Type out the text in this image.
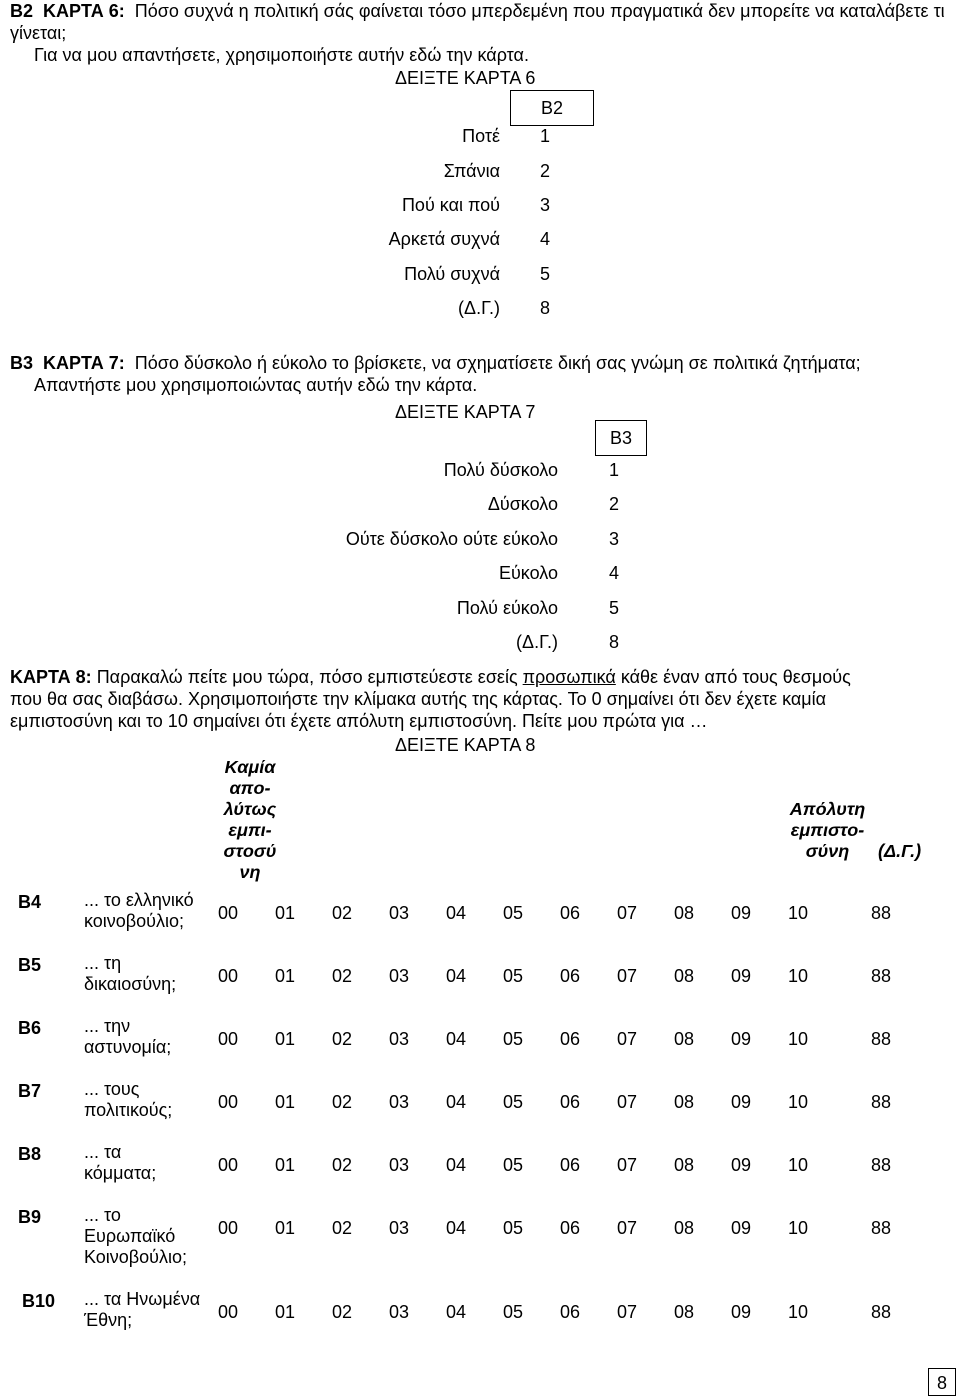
Β2 ΚΑΡΤΑ 6: Πόσο συχνά η πολιτική σάς φαίνεται τόσο μπερδεμένη που πραγματικά δεν μπορείτε να καταλάβετε τι γίνεται;
Για να μου απαντήσετε, χρησιμοποιήστε αυτήν εδώ την κάρτα.
ΔΕΙΞΤΕ ΚΑΡΤΑ 6
Β2
Ποτέ 1
Σπάνια 2
Πού και πού 3
Αρκετά συχνά 4
Πολύ συχνά 5
(Δ.Γ.) 8
Β3 ΚΑΡΤΑ 7: Πόσο δύσκολο ή εύκολο το βρίσκετε, να σχηματίσετε δική σας γνώμη σε πολιτικά ζητήματα;
Απαντήστε μου χρησιμοποιώντας αυτήν εδώ την κάρτα.
ΔΕΙΞΤΕ ΚΑΡΤΑ 7
Β3
Πολύ δύσκολο	1
Δύσκολο	2
Ούτε δύσκολο ούτε εύκολο	3
Εύκολο	4
Πολύ εύκολο	5
(Δ.Γ.)	8
ΚΑΡΤΑ 8: Παρακαλώ πείτε μου τώρα, πόσο εμπιστεύεστε εσείς προσωπικά κάθε έναν από τους θεσμούς
που θα σας διαβάσω. Χρησιμοποιήστε την κλίμακα αυτής της κάρτας. Το 0 σημαίνει ότι δεν έχετε καμία
εμπιστοσύνη και το 10 σημαίνει ότι έχετε απόλυτη εμπιστοσύνη. Πείτε μου πρώτα για …
ΔΕΙΞΤΕ ΚΑΡΤΑ 8
Καμία
απο-
λύτως
εμπι-
στοσύ
νη
Απόλυτη
εμπιστο-
σύνη	(Δ.Γ.)
Β4 ... το ελληνικό
κοινοβούλιο;	00	01	02	03	04	05	06	07	08	09	10	88
Β5 ... τη
δικαιοσύνη;	00	01	02	03	04	05	06	07	08	09	10	88
Β6 ... την
αστυνομία;	00	01	02	03	04	05	06	07	08	09	10	88
Β7 ... τους
πολιτικούς;	00	01	02	03	04	05	06	07	08	09	10	88
Β8 ... τα
κόμματα;	00	01	02	03	04	05	06	07	08	09	10	88
Β9 ... το
Ευρωπαϊκό
Κοινοβούλιο;
00	01	02	03	04	05	06	07	08	09	10	88
Β10 ... τα Ηνωμένα
Έθνη;	00	01	02	03	04	05	06	07	08	09	10	88
8
